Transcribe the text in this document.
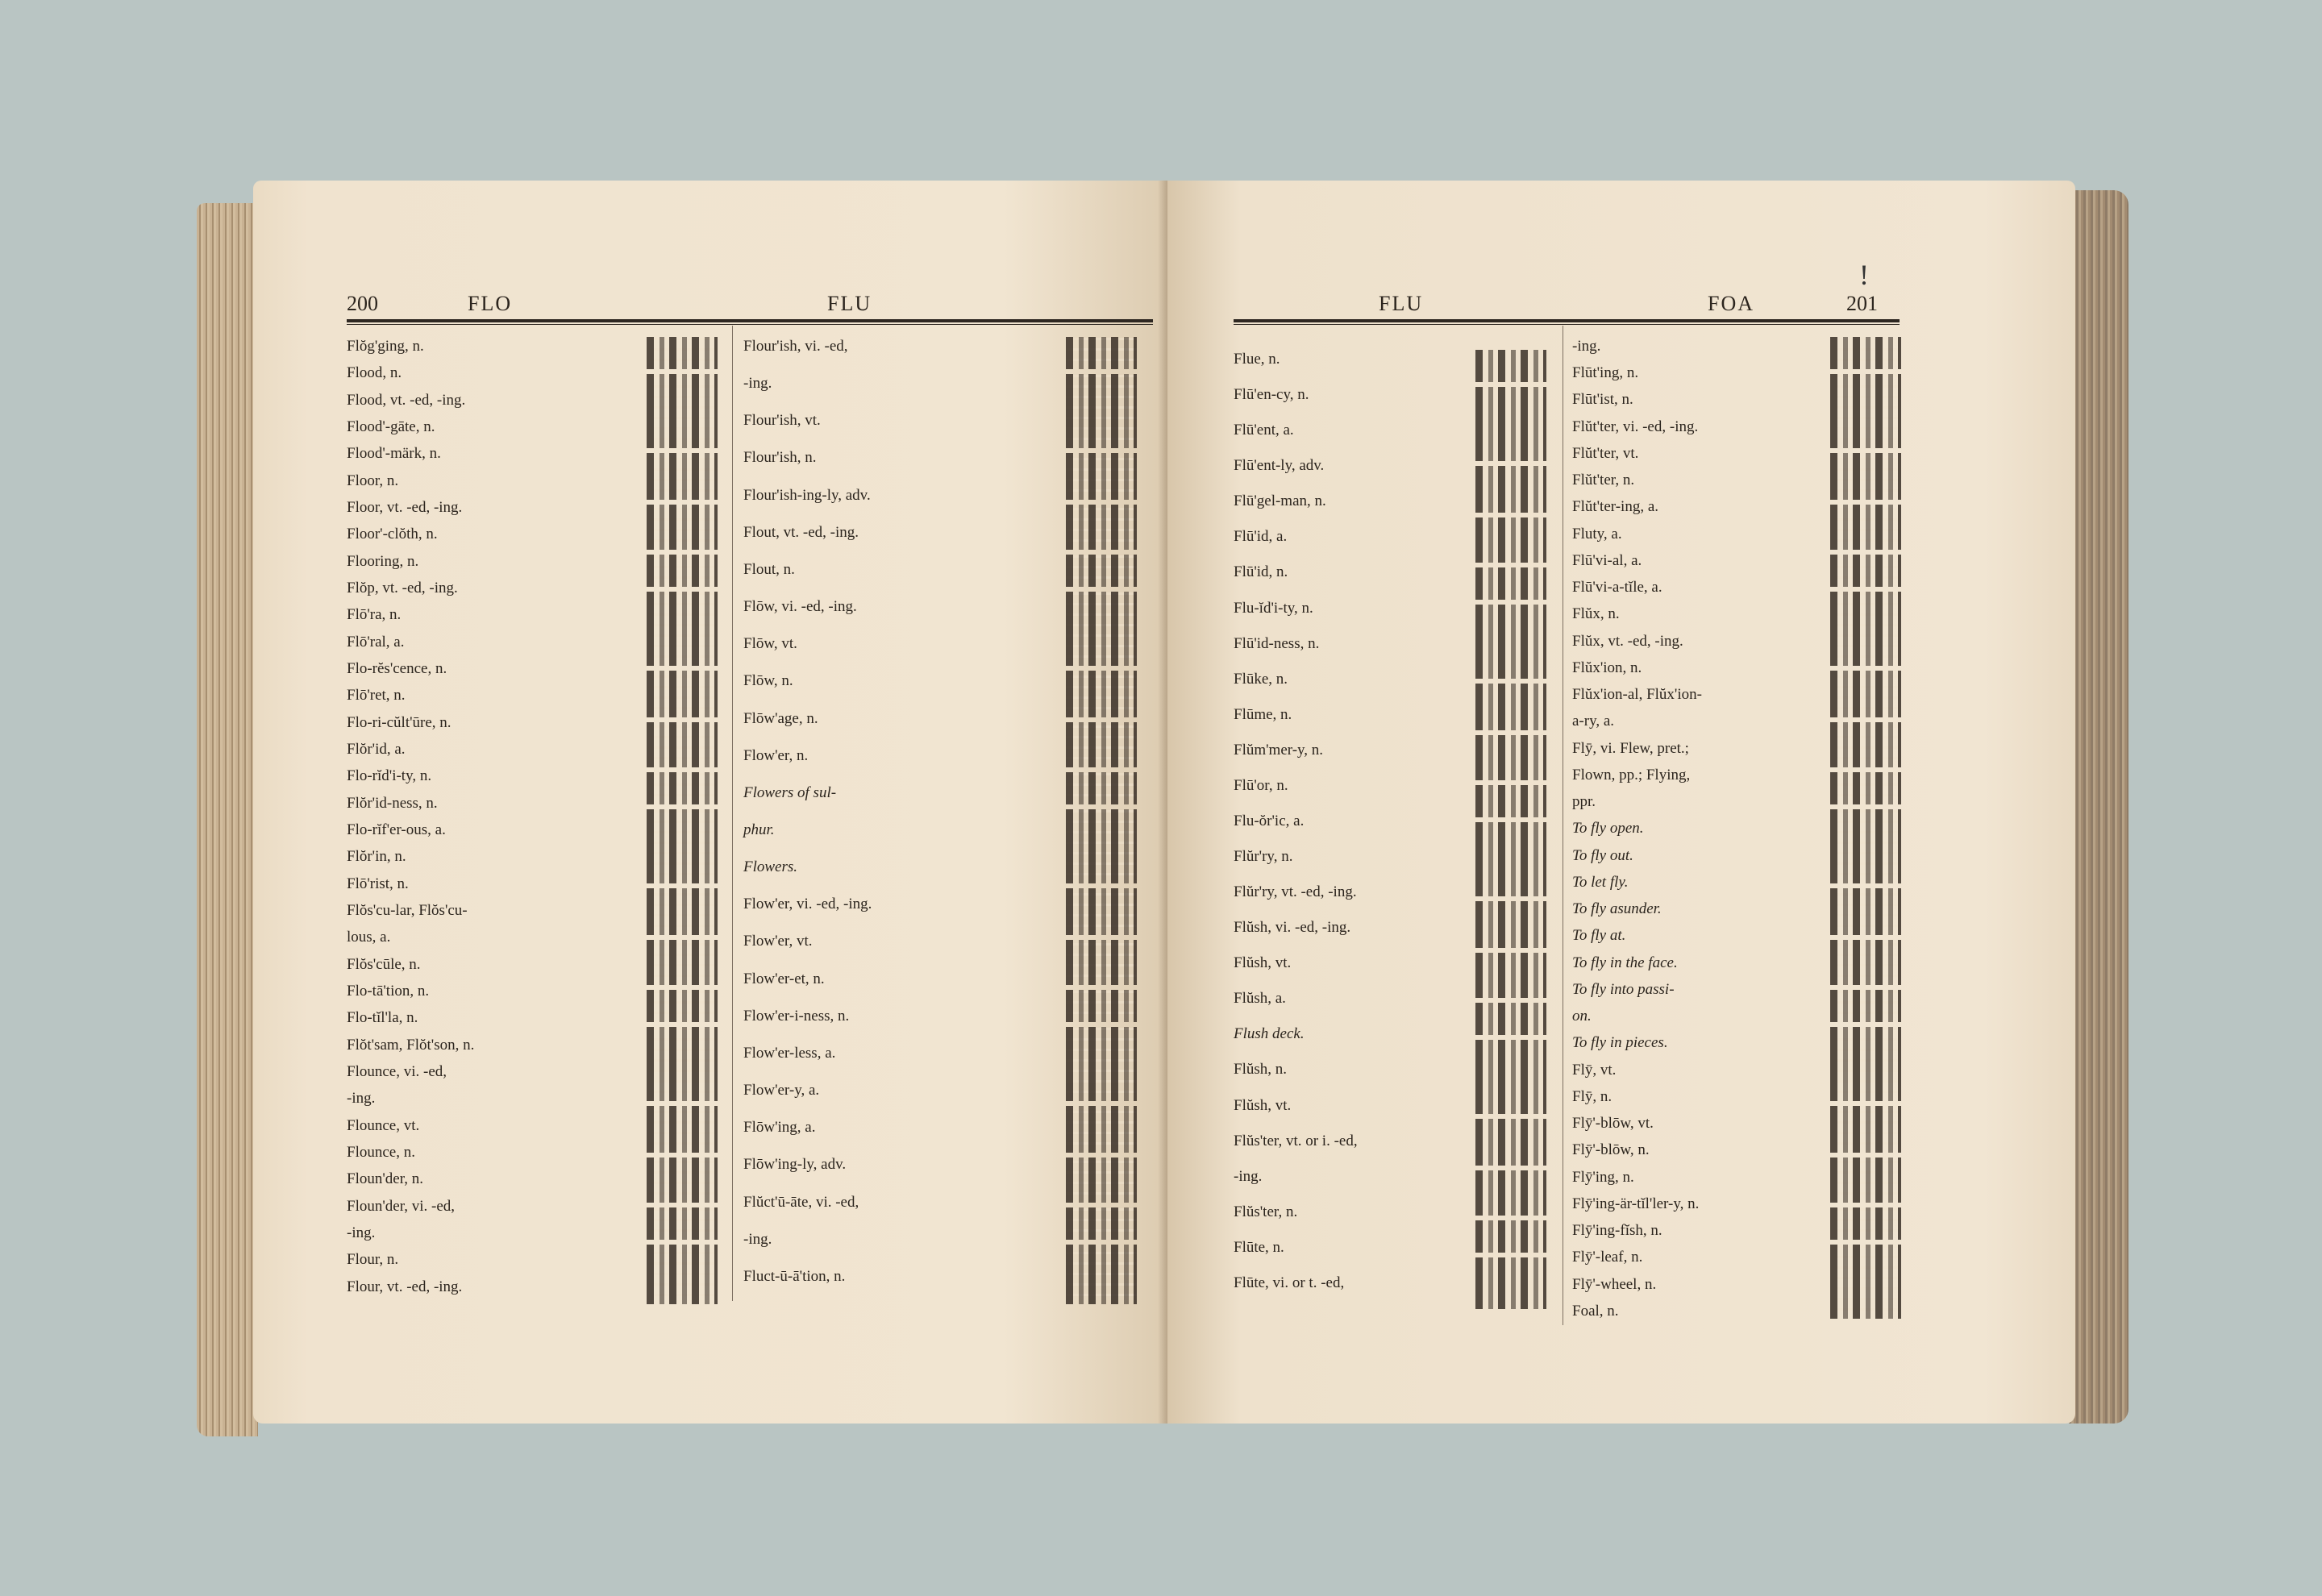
200	FLO	FLU
Flŏg'ging, n.
Flood, n.
Flood, vt. -ed, -ing.
Flood'-gāte, n.
Flood'-märk, n.
Floor, n.
Floor, vt. -ed, -ing.
Floor'-clŏth, n.
Flooring, n.
Flŏp, vt. -ed, -ing.
Flō'ra, n.
Flō'ral, a.
Flo-rĕs'cence, n.
Flō'ret, n.
Flo-ri-cŭlt'ūre, n.
Flŏr'id, a.
Flo-rĭd'i-ty, n.
Flŏr'id-ness, n.
Flo-rĭf'er-ous, a.
Flŏr'in, n.
Flō'rist, n.
Flŏs'cu-lar, Flŏs'cu-
lous, a.
Flŏs'cūle, n.
Flo-tā'tion, n.
Flo-tĭl'la, n.
Flŏt'sam, Flŏt'son, n.
Flounce, vi. -ed,
-ing.
Flounce, vt.
Flounce, n.
Floun'der, n.
Floun'der, vi. -ed,
-ing.
Flour, n.
Flour, vt. -ed, -ing.
Flour'ish, vi. -ed,
-ing.
Flour'ish, vt.
Flour'ish, n.
Flour'ish-ing-ly, adv.
Flout, vt. -ed, -ing.
Flout, n.
Flōw, vi. -ed, -ing.
Flōw, vt.
Flōw, n.
Flōw'age, n.
Flow'er, n.
Flowers of sul-
phur.
Flowers.
Flow'er, vi. -ed, -ing.
Flow'er, vt.
Flow'er-et, n.
Flow'er-i-ness, n.
Flow'er-less, a.
Flow'er-y, a.
Flōw'ing, a.
Flōw'ing-ly, adv.
Flŭct'ū-āte, vi. -ed,
-ing.
Fluct-ū-ā'tion, n.
FLU	FOA	201
!
Flue, n.
Flū'en-cy, n.
Flū'ent, a.
Flū'ent-ly, adv.
Flū'gel-man, n.
Flū'id, a.
Flū'id, n.
Flu-ĭd'i-ty, n.
Flū'id-ness, n.
Flūke, n.
Flūme, n.
Flŭm'mer-y, n.
Flū'or, n.
Flu-ŏr'ic, a.
Flŭr'ry, n.
Flŭr'ry, vt. -ed, -ing.
Flŭsh, vi. -ed, -ing.
Flŭsh, vt.
Flŭsh, a.
Flush deck.
Flŭsh, n.
Flŭsh, vt.
Flŭs'ter, vt. or i. -ed,
-ing.
Flŭs'ter, n.
Flūte, n.
Flūte, vi. or t. -ed,
-ing.
Flūt'ing, n.
Flūt'ist, n.
Flŭt'ter, vi. -ed, -ing.
Flŭt'ter, vt.
Flŭt'ter, n.
Flŭt'ter-ing, a.
Fluty, a.
Flū'vi-al, a.
Flū'vi-a-tĭle, a.
Flŭx, n.
Flŭx, vt. -ed, -ing.
Flŭx'ion, n.
Flŭx'ion-al, Flŭx'ion-
a-ry, a.
Flȳ, vi. Flew, pret.;
Flown, pp.; Flying,
ppr.
To fly open.
To fly out.
To let fly.
To fly asunder.
To fly at.
To fly in the face.
To fly into passi-
on.
To fly in pieces.
Flȳ, vt.
Flȳ, n.
Flȳ'-blōw, vt.
Flȳ'-blōw, n.
Flȳ'ing, n.
Flȳ'ing-är-tĭl'ler-y, n.
Flȳ'ing-fĭsh, n.
Flȳ'-leaf, n.
Flȳ'-wheel, n.
Foal, n.
